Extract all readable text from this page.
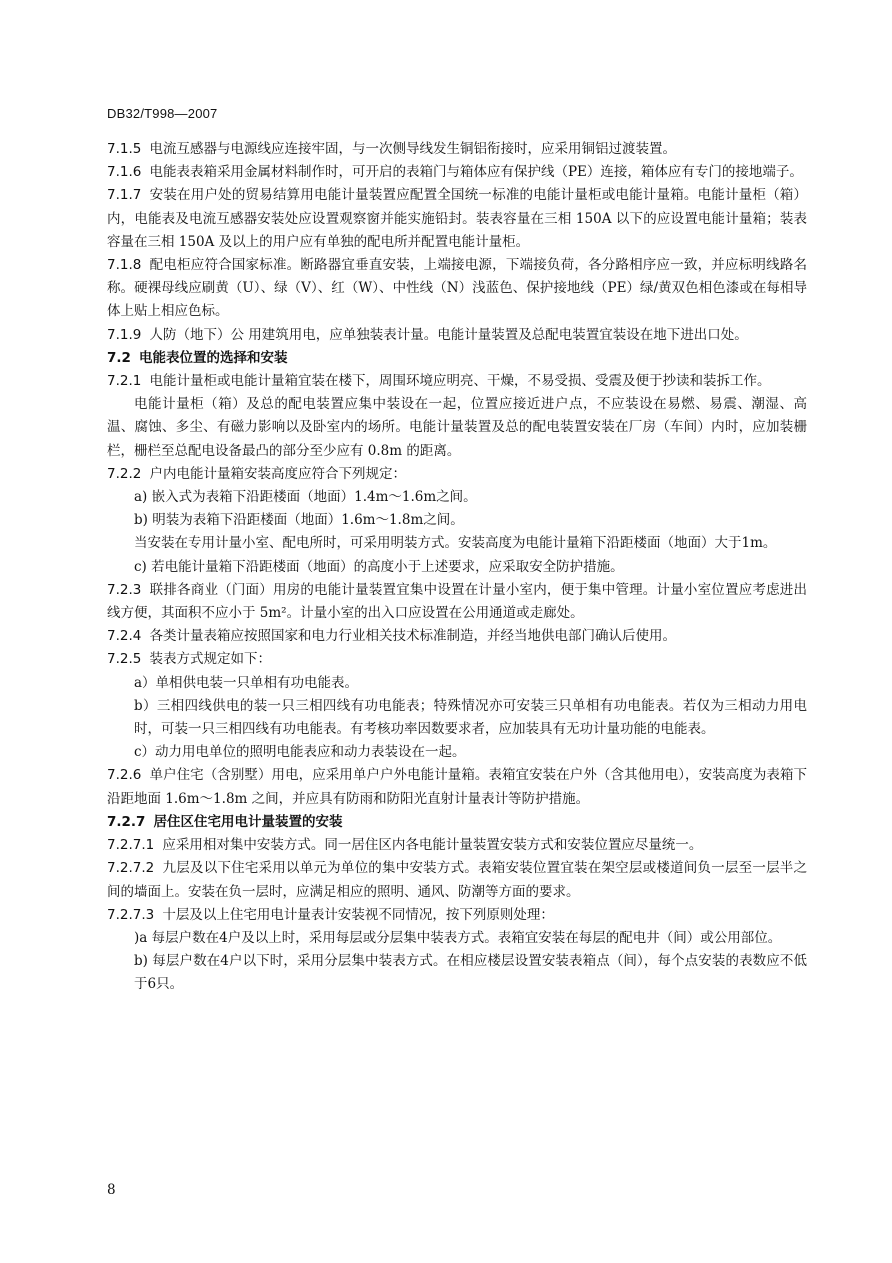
DB32/T998—2007

7.1.5 电流互感器与电源线应连接牢固，与一次侧导线发生铜铝衔接时，应采用铜铝过渡装置。

7.1.6 电能表表箱采用金属材料制作时，可开启的表箱门与箱体应有保护线（PE）连接，箱体应有专门的接地端子。

7.1.7 安装在用户处的贸易结算用电能计量装置应配置全国统一标准的电能计量柜或电能计量箱。电能计量柜（箱）内，电能表及电流互感器安装处应设置观察窗并能实施铅封。装表容量在三相 150A 以下的应设置电能计量箱；装表容量在三相 150A 及以上的用户应有单独的配电所并配置电能计量柜。

7.1.8 配电柜应符合国家标准。断路器宜垂直安装，上端接电源，下端接负荷，各分路相序应一致，并应标明线路名称。硬裸母线应刷黄（U）、绿（V）、红（W）、中性线（N）浅蓝色、保护接地线（PE）绿/黄双色相色漆或在每相导体上贴上相应色标。

7.1.9 人防（地下）公 用建筑用电，应单独装表计量。电能计量装置及总配电装置宜装设在地下进出口处。

7.2 电能表位置的选择和安装

7.2.1 电能计量柜或电能计量箱宜装在楼下，周围环境应明亮、干燥，不易受损、受震及便于抄读和装拆工作。

电能计量柜（箱）及总的配电装置应集中装设在一起，位置应接近进户点，不应装设在易燃、易震、潮湿、高温、腐蚀、多尘、有磁力影响以及卧室内的场所。电能计量装置及总的配电装置安装在厂房（车间）内时，应加装栅栏，栅栏至总配电设备最凸的部分至少应有 0.8m 的距离。

7.2.2 户内电能计量箱安装高度应符合下列规定：

a) 嵌入式为表箱下沿距楼面（地面）1.4m～1.6m之间。

b) 明装为表箱下沿距楼面（地面）1.6m～1.8m之间。

当安装在专用计量小室、配电所时，可采用明装方式。安装高度为电能计量箱下沿距楼面（地面）大于1m。

c) 若电能计量箱下沿距楼面（地面）的高度小于上述要求，应采取安全防护措施。

7.2.3 联排各商业（门面）用房的电能计量装置宜集中设置在计量小室内，便于集中管理。计量小室位置应考虑进出线方便，其面积不应小于 5m²。计量小室的出入口应设置在公用通道或走廊处。

7.2.4 各类计量表箱应按照国家和电力行业相关技术标准制造，并经当地供电部门确认后使用。

7.2.5 装表方式规定如下：

a）单相供电装一只单相有功电能表。

b）三相四线供电的装一只三相四线有功电能表；特殊情况亦可安装三只单相有功电能表。若仅为三相动力用电时，可装一只三相四线有功电能表。有考核功率因数要求者，应加装具有无功计量功能的电能表。

c）动力用电单位的照明电能表应和动力表装设在一起。

7.2.6 单户住宅（含别墅）用电，应采用单户户外电能计量箱。表箱宜安装在户外（含其他用电），安装高度为表箱下沿距地面 1.6m～1.8m 之间，并应具有防雨和防阳光直射计量表计等防护措施。

7.2.7 居住区住宅用电计量装置的安装

7.2.7.1 应采用相对集中安装方式。同一居住区内各电能计量装置安装方式和安装位置应尽量统一。

7.2.7.2 九层及以下住宅采用以单元为单位的集中安装方式。表箱安装位置宜装在架空层或楼道间负一层至一层半之间的墙面上。安装在负一层时，应满足相应的照明、通风、防潮等方面的要求。

7.2.7.3 十层及以上住宅用电计量表计安装视不同情况，按下列原则处理：

)a 每层户数在4户及以上时，采用每层或分层集中装表方式。表箱宜安装在每层的配电井（间）或公用部位。

b) 每层户数在4户以下时，采用分层集中装表方式。在相应楼层设置安装表箱点（间），每个点安装的表数应不低于6只。

8
